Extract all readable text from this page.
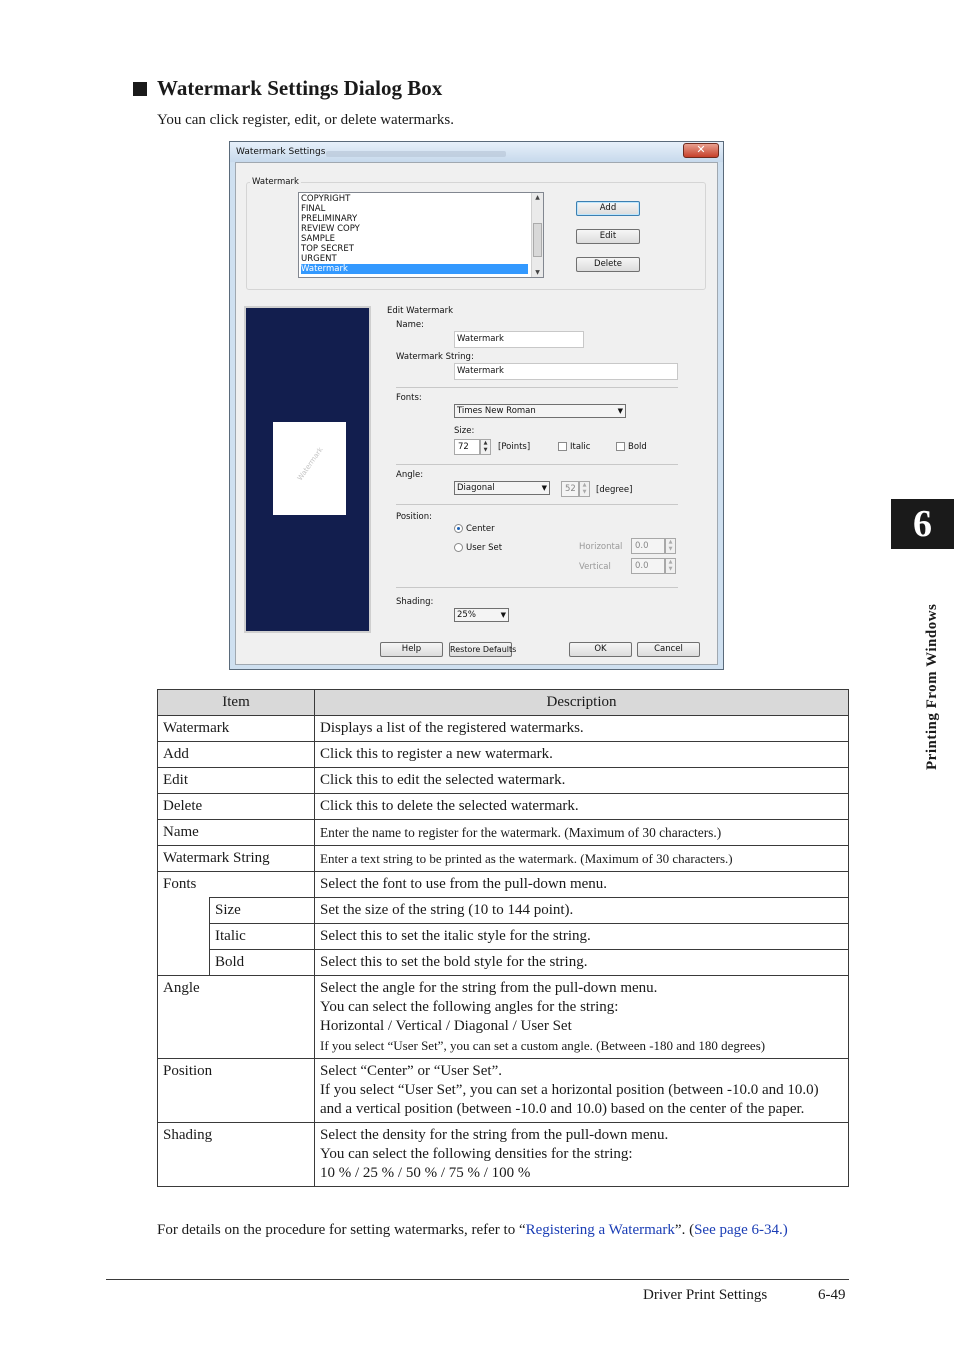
Watermark Settings Dialog Box
You can click register, edit, or delete watermarks.
Watermark Settings	✕
Watermark
COPYRIGHT
FINAL
PRELIMINARY
REVIEW COPY
SAMPLE
TOP SECRET
URGENT
Watermark
▲
▼
Add
Edit
Delete
Watermark
Edit Watermark
Name:
Watermark
Watermark String:
Watermark
Fonts:
Times New Roman	▼
Size:
72	▲
▼	[Points]	Italic	Bold
Angle:
Diagonal	▼	52	▲
▼	[degree]
Position:
Center
User Set	Horizontal	0.0	▲
▼
Vertical	0.0	▲
▼
Shading:
25%	▼
Help	Restore Defaults	OK	Cancel
Item		Description
Watermark		Displays a list of the registered watermarks.
Add		Click this to register a new watermark.
Edit		Click this to edit the selected watermark.
Delete		Click this to delete the selected watermark.
Name		Enter the name to register for the watermark. (Maximum of 30 characters.)
Watermark String		Enter a text string to be printed as the watermark. (Maximum of 30 characters.)
Fonts		Select the font to use from the pull-down menu.
	Size	Set the size of the string (10 to 144 point).
	Italic	Select this to set the italic style for the string.
	Bold	Select this to set the bold style for the string.
Angle		Select the angle for the string from the pull-down menu.
You can select the following angles for the string:
Horizontal / Vertical / Diagonal / User Set
If you select “User Set”, you can set a custom angle. (Between -180 and 180 degrees)

Position		Select “Center” or “User Set”.
If you select “User Set”, you can set a horizontal position (between -10.0 and 10.0) and a vertical position (between -10.0 and 10.0) based on the center of the paper.

Shading		Select the density for the string from the pull-down menu.
You can select the following densities for the string:
10 % / 25 % / 50 % / 75 % / 100 %
For details on the procedure for setting watermarks, refer to “Registering a Watermark”. (See page 6-34.)
Driver Print Settings	6-49
6
Printing From Windows
